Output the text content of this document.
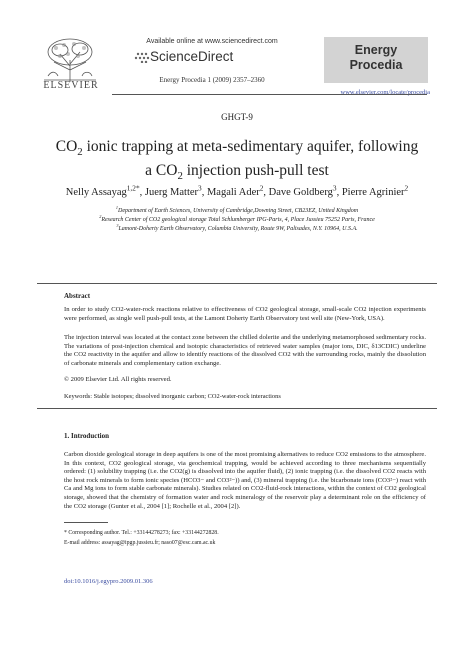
ELSEVIER
Available online at www.sciencedirect.com
ScienceDirect
Energy Procedia 1 (2009) 2357–2360
Energy
Procedia
www.elsevier.com/locate/procedia
GHGT-9
$CO_2$ ionic trapping at meta-sedimentary aquifer, following
a $CO_2$ injection push-pull test
Nelly Assayag$^{1,2*}$, Juerg Matter$^3$, Magali Ader$^2$, Dave Goldberg$^3$, Pierre Agrinier$^2$
$^1$Department of Earth Sciences, University of Cambridge,Downing Street, CB23EZ, United Kingdom
$^2$Research Center of CO2 geological storage Total Schlumberger IPG-Paris, 4, Place Jussieu 75252 Paris, France
$^3$Lamont-Doherty Earth Observatory, Columbia University, Route 9W, Palisades, N.Y. 10964, U.S.A.
Abstract
In order to study CO2-water-rock reactions relative to effectiveness of CO2 geological storage, small-scale CO2 injection experiments were performed, as single well push-pull tests, at the Lamont Doherty Earth Observatory test well site (New-York, USA).
The injection interval was located at the contact zone between the chilled dolerite and the underlying metamorphosed sedimentary rocks. The variations of post-injection chemical and isotopic characteristics of retrieved water samples (major ions, DIC, δ13CDIC) underline the CO2 reactivity in the aquifer and allow to identify reactions of the dissolved CO2 with the surrounding rocks, mainly the dissolution of carbonate minerals and complementary cation exchange.
© 2009 Elsevier Ltd. All rights reserved.
Keywords: Stable isotopes; dissolved inorganic carbon; CO2-water-rock interactions
1. Introduction
Carbon dioxide geological storage in deep aquifers is one of the most promising alternatives to reduce CO2 emissions to the atmosphere. In this context, CO2 geological storage, via geochemical trapping, would be achieved according to three mechanisms sequentially ordered: (1) solubility trapping (i.e. the CO2(g) is dissolved into the aquifer fluid), (2) ionic trapping (i.e. the dissolved CO2 reacts with the host rock minerals to form ionic species (HCO3− and CO3²−)) and, (3) mineral trapping (i.e. the bicarbonate ions (CO3²−) react with Ca and Mg ions to form stable carbonate minerals). Studies related on CO2-fluid-rock interactions, within the context of CO2 geological storage, showed that the chemistry of formation water and rock mineralogy of the reservoir play a determinant role on the efficiency of the CO2 storage (Gunter et al., 2004 [1]; Rochelle et al., 2004 [2]).
* Corresponding author. Tel.: +33144278273; fax: +33144272828.
E-mail address: assayag@ipgp.jussieu.fr; naso07@esc.cam.ac.uk
doi:10.1016/j.egypro.2009.01.306
